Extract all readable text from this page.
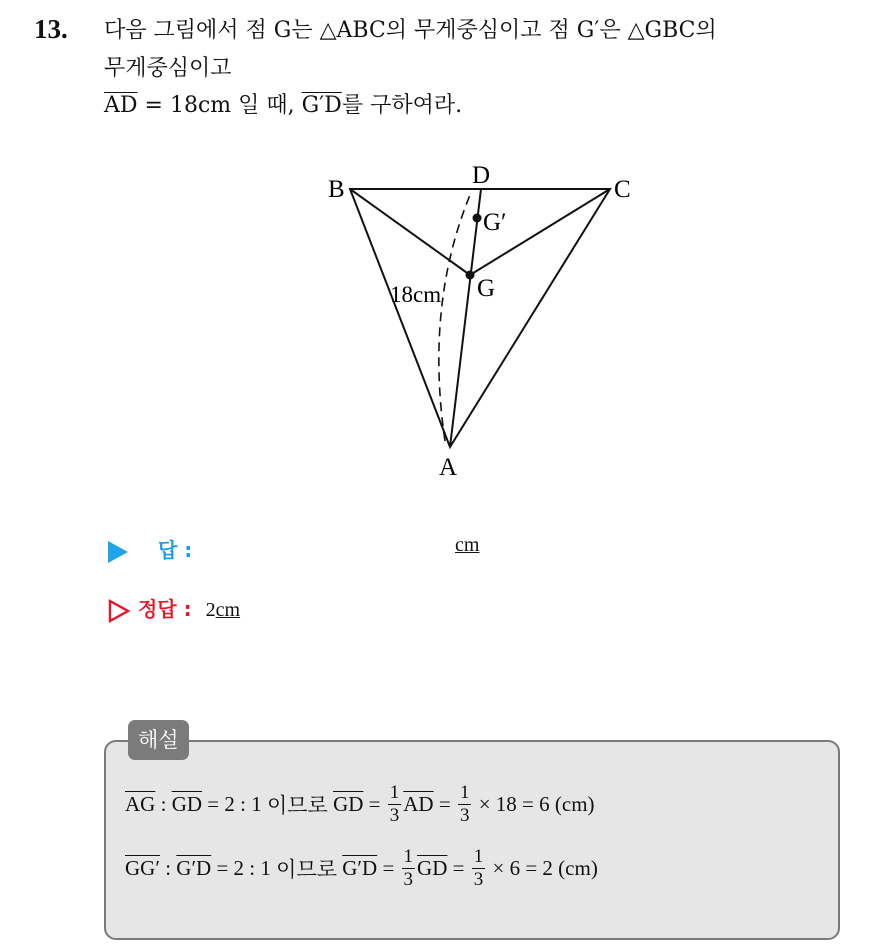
13. 다음 그림에서 점 G는 △ABC의 무게중심이고 점 G′은 △GBC의
무게중심이고
$\overline{AD} = 18cm$ 일 때, G′D를 구하여라.
B
D
C
G′
G
18cm
A
답 :	cm
정답 : 2cm
해설
$\overline{AG}$ : $\overline{GD} = 2$ : 1 이므로 $\overline{GD} = \frac{1}{3} \overline{AD} = \frac{1}{3} \times 18 = 6$ (cm)
GG′ : G′D = 2 : 1 이므로 $G'D = \frac{1}{3} \overline{GD} = \frac{1}{3} \times 6 = 2$ (cm)
